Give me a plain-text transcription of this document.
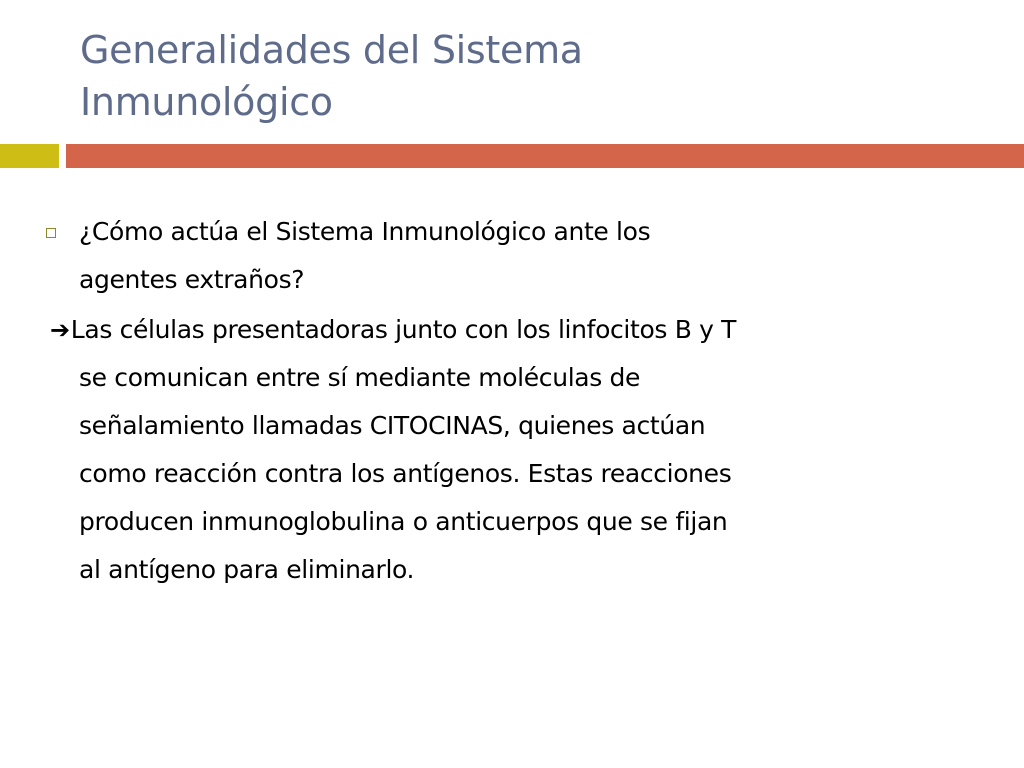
Generalidades del Sistema
Inmunológico
¿Cómo actúa el Sistema Inmunológico ante los
agentes extraños?
➔Las células presentadoras junto con los linfocitos B y T
se comunican entre sí mediante moléculas de
señalamiento llamadas CITOCINAS, quienes actúan
como reacción contra los antígenos. Estas reacciones
producen inmunoglobulina o anticuerpos que se fijan
al antígeno para eliminarlo.
